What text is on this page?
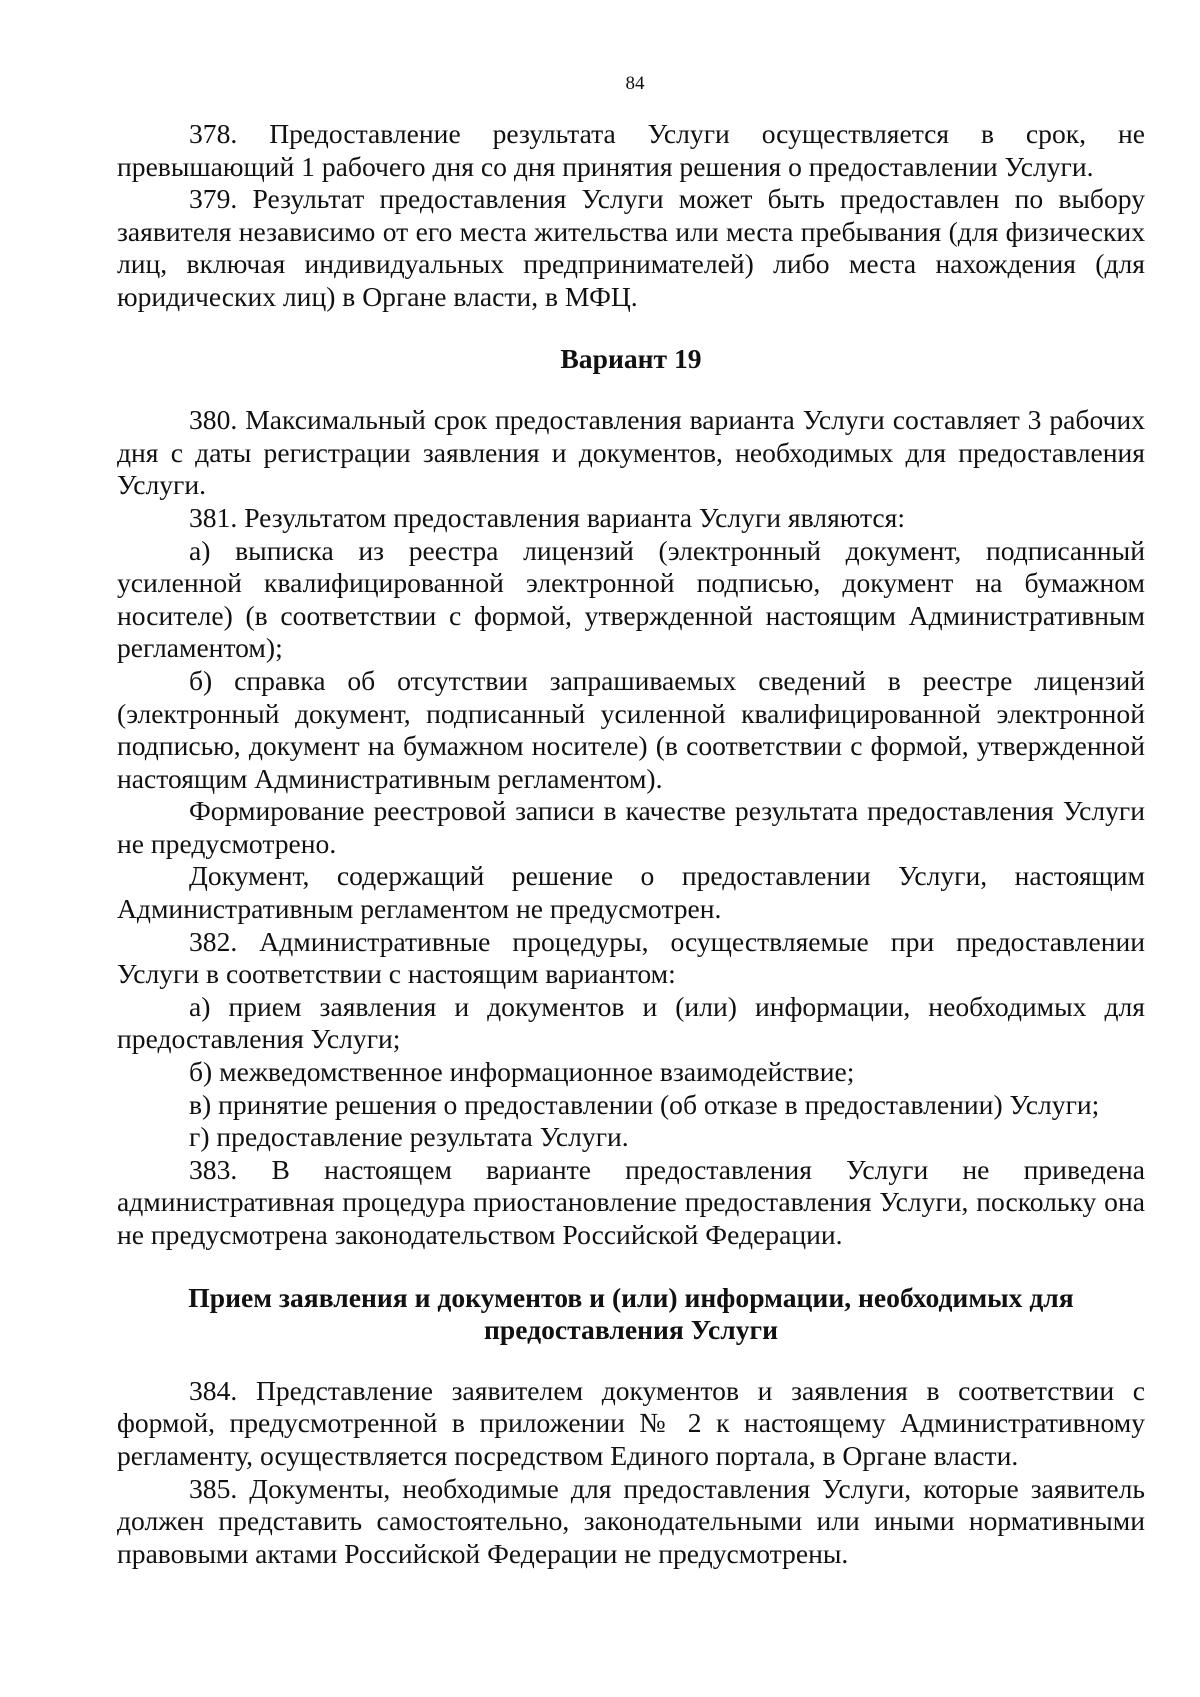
84

378. Предоставление результата Услуги осуществляется в срок, не превышающий 1 рабочего дня со дня принятия решения о предоставлении Услуги.

379. Результат предоставления Услуги может быть предоставлен по выбору заявителя независимо от его места жительства или места пребывания (для физических лиц, включая индивидуальных предпринимателей) либо места нахождения (для юридических лиц) в Органе власти, в МФЦ.

Вариант 19

380. Максимальный срок предоставления варианта Услуги составляет 3 рабочих дня с даты регистрации заявления и документов, необходимых для предоставления Услуги.

381. Результатом предоставления варианта Услуги являются:

а) выписка из реестра лицензий (электронный документ, подписанный усиленной квалифицированной электронной подписью, документ на бумажном носителе) (в соответствии с формой, утвержденной настоящим Административным регламентом);

б) справка об отсутствии запрашиваемых сведений в реестре лицензий (электронный документ, подписанный усиленной квалифицированной электронной подписью, документ на бумажном носителе) (в соответствии с формой, утвержденной настоящим Административным регламентом).

Формирование реестровой записи в качестве результата предоставления Услуги не предусмотрено.

Документ, содержащий решение о предоставлении Услуги, настоящим Административным регламентом не предусмотрен.

382. Административные процедуры, осуществляемые при предоставлении Услуги в соответствии с настоящим вариантом:

а) прием заявления и документов и (или) информации, необходимых для предоставления Услуги;

б) межведомственное информационное взаимодействие;

в) принятие решения о предоставлении (об отказе в предоставлении) Услуги;

г) предоставление результата Услуги.

383. В настоящем варианте предоставления Услуги не приведена административная процедура приостановление предоставления Услуги, поскольку она не предусмотрена законодательством Российской Федерации.

Прием заявления и документов и (или) информации, необходимых для предоставления Услуги

384. Представление заявителем документов и заявления в соответствии с формой, предусмотренной в приложении № 2 к настоящему Административному регламенту, осуществляется посредством Единого портала, в Органе власти.

385. Документы, необходимые для предоставления Услуги, которые заявитель должен представить самостоятельно, законодательными или иными нормативными правовыми актами Российской Федерации не предусмотрены.
